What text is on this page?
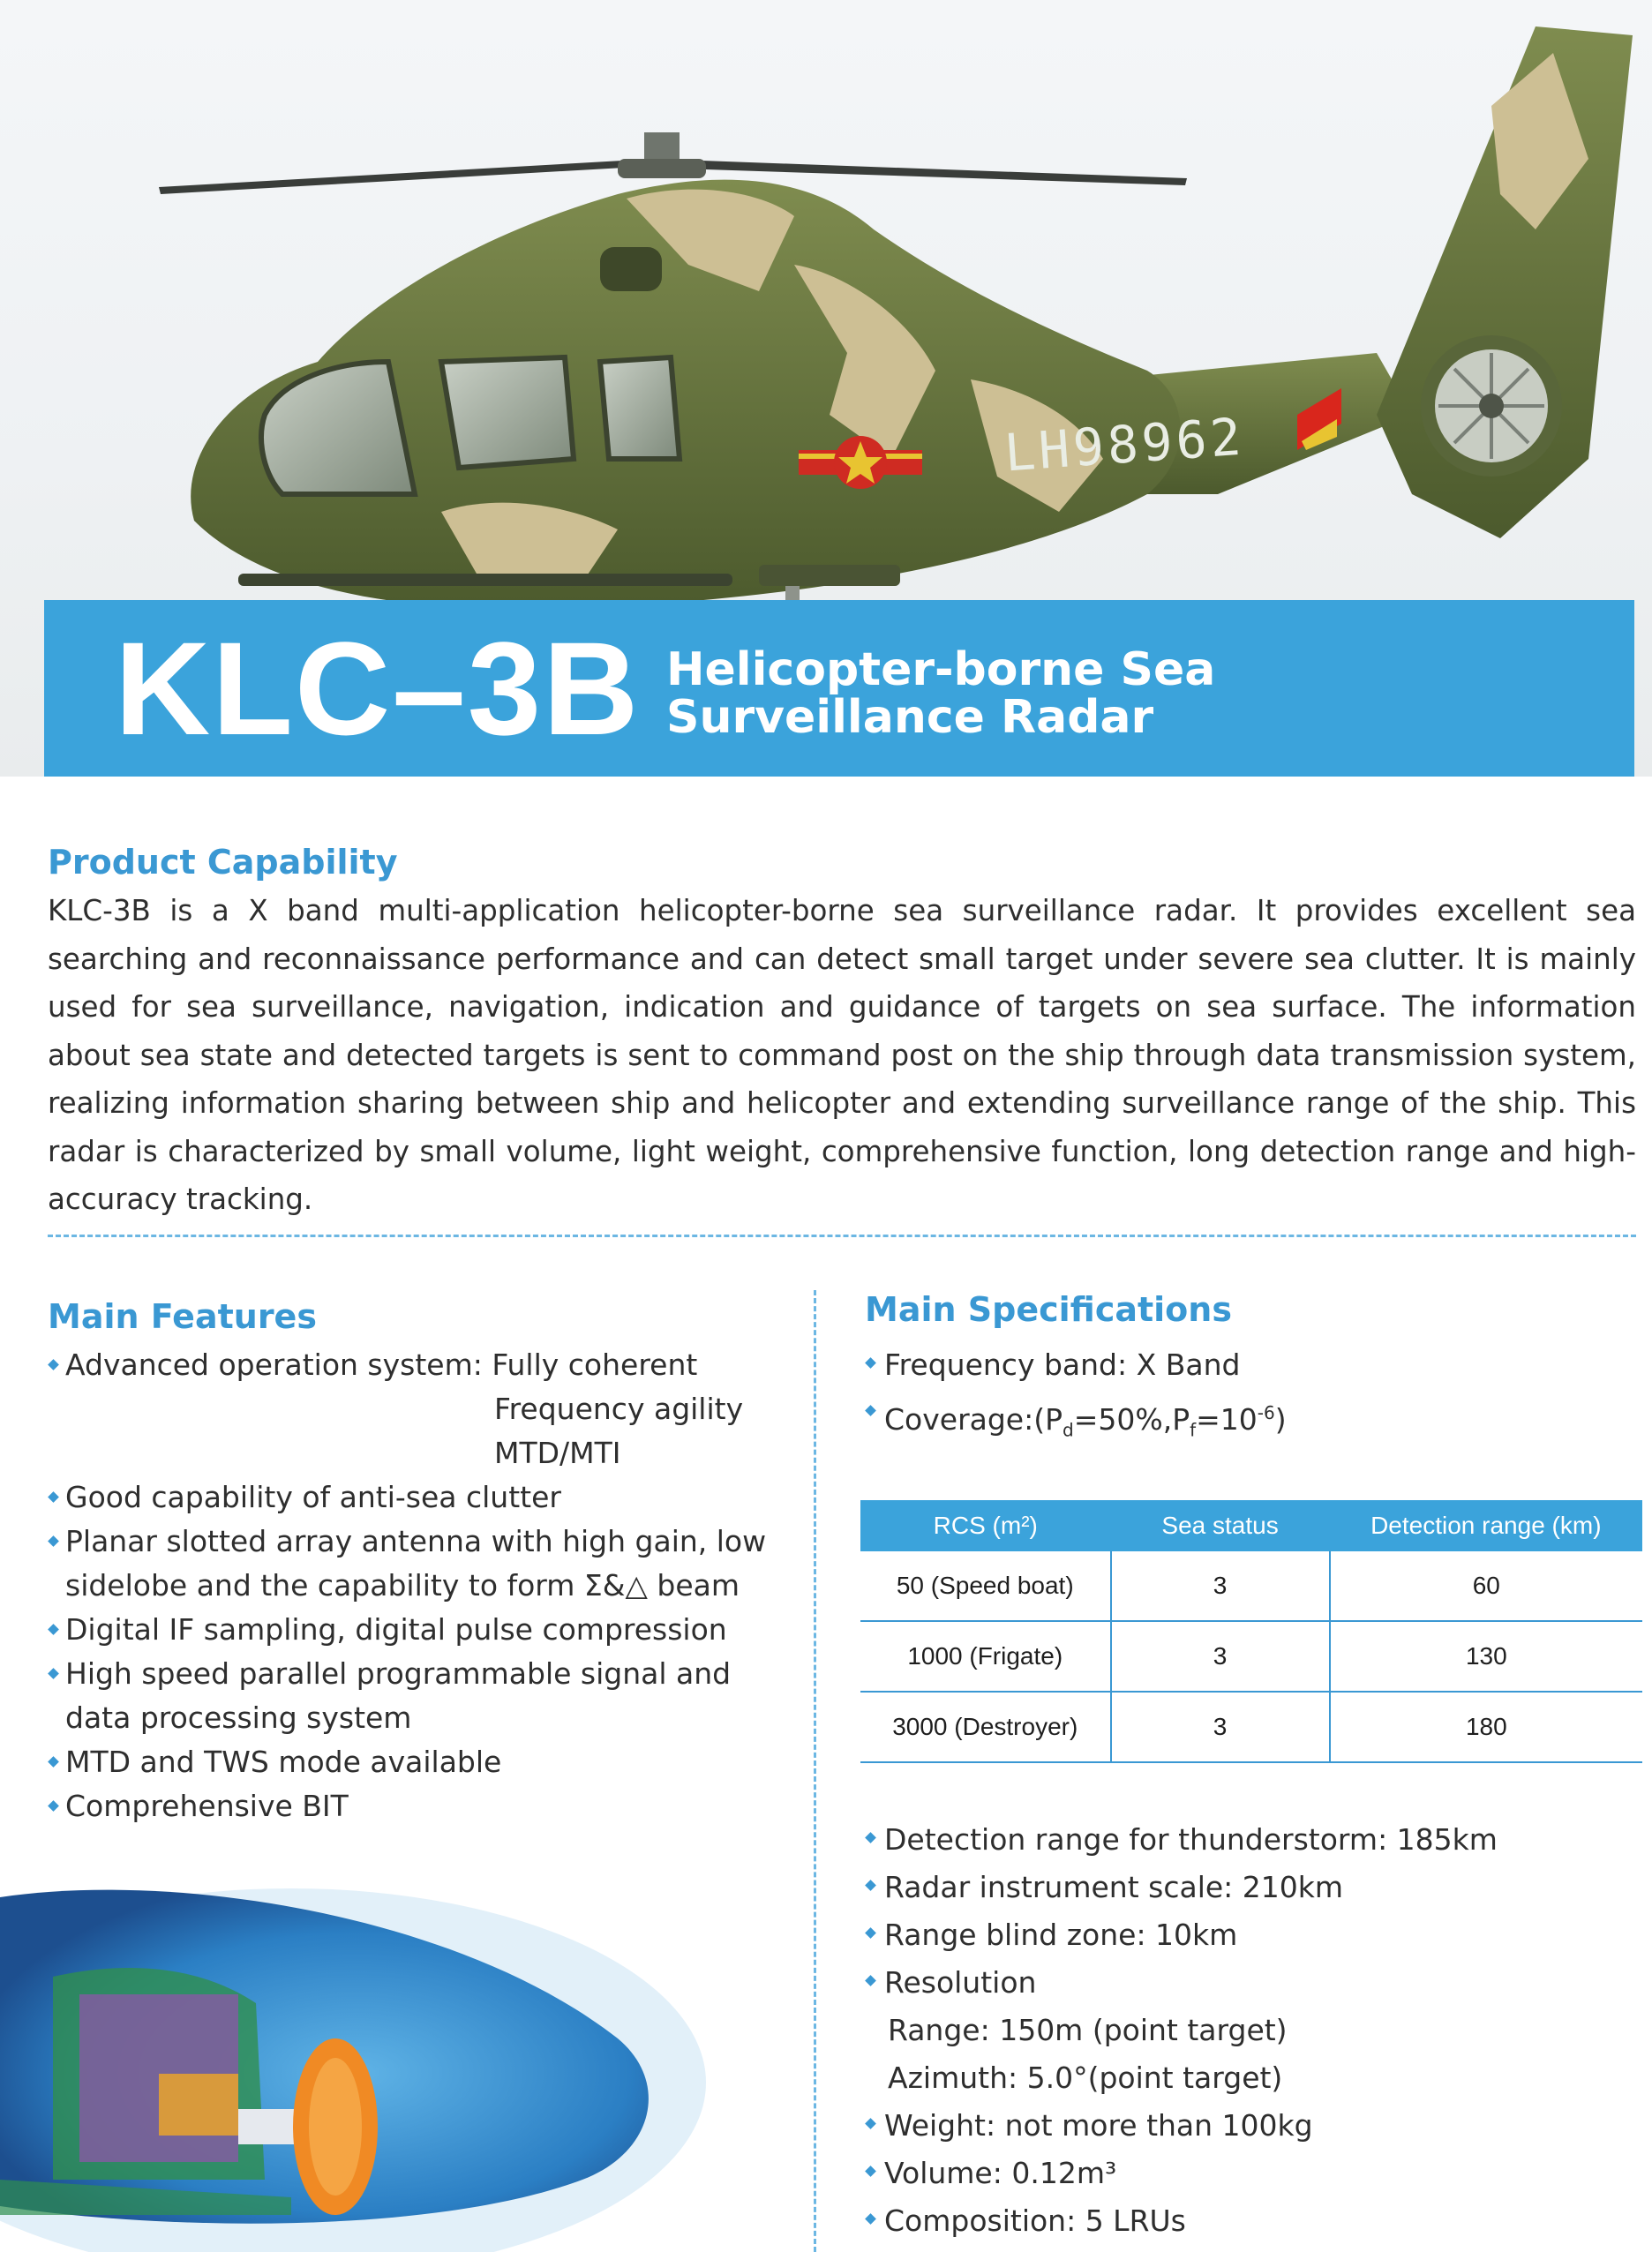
LH98962
KLC–3B Helicopter-borne Sea
Surveillance Radar
Product Capability

KLC-3B is a X band multi-application helicopter-borne sea surveillance radar. It provides excellent sea searching and reconnaissance performance and can detect small target under severe sea clutter. It is mainly used for sea surveillance, navigation, indication and guidance of targets on sea surface. The information about sea state and detected targets is sent to command post on the ship through data transmission system, realizing information sharing between ship and helicopter and extending surveillance range of the ship. This radar is characterized by small volume, light weight, comprehensive function, long detection range and high-accuracy tracking.

Main Features
Advanced operation system: Fully coherent
Frequency agility
MTD/MTI
Good capability of anti-sea clutter
Planar slotted array antenna with high gain, low sidelobe and the capability to form Σ&△ beam
Digital IF sampling, digital pulse compression
High speed parallel programmable signal and data processing system
MTD and TWS mode available
Comprehensive BIT
Main Specifications
Frequency band: X Band
$Coverage:(P_d=50\%,P_f=10^{-6})$
RCS (m²)	Sea status	Detection range (km)
50 (Speed boat)	3	60
1000 (Frigate)	3	130
3000 (Destroyer)	3	180
Detection range for thunderstorm: 185km
Radar instrument scale: 210km
Range blind zone: 10km
Resolution
Range: 150m (point target)
Azimuth: 5.0°(point target)
Weight: not more than 100kg
Volume: 0.12m³
Composition: 5 LRUs
